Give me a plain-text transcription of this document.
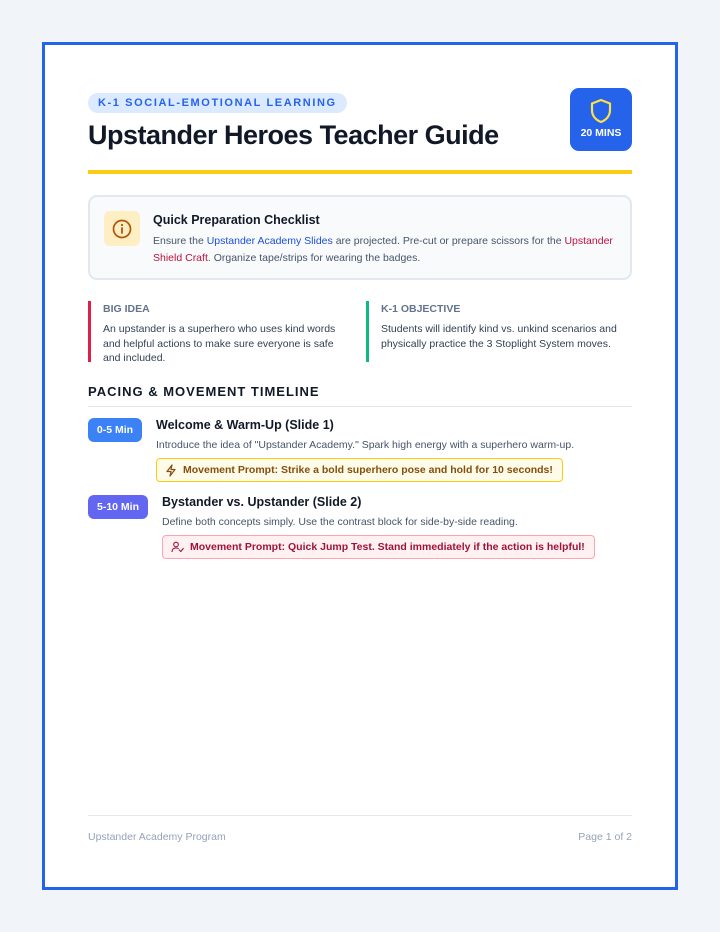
K-1 SOCIAL-EMOTIONAL LEARNING
Upstander Heroes Teacher Guide	20 MINS
Quick Preparation Checklist
Ensure the Upstander Academy Slides are projected. Pre-cut or prepare scissors for the Upstander Shield Craft. Organize tape/strips for wearing the badges.
BIG IDEA
An upstander is a superhero who uses kind words and helpful actions to make sure everyone is safe and included.
K-1 OBJECTIVE
Students will identify kind vs. unkind scenarios and physically practice the 3 Stoplight System moves.
PACING & MOVEMENT TIMELINE
0-5 Min	Welcome & Warm-Up (Slide 1)
Introduce the idea of "Upstander Academy." Spark high energy with a superhero warm-up.
Movement Prompt: Strike a bold superhero pose and hold for 10 seconds!
5-10 Min	Bystander vs. Upstander (Slide 2)
Define both concepts simply. Use the contrast block for side-by-side reading.
Movement Prompt: Quick Jump Test. Stand immediately if the action is helpful!
Upstander Academy Program	Page 1 of 2
